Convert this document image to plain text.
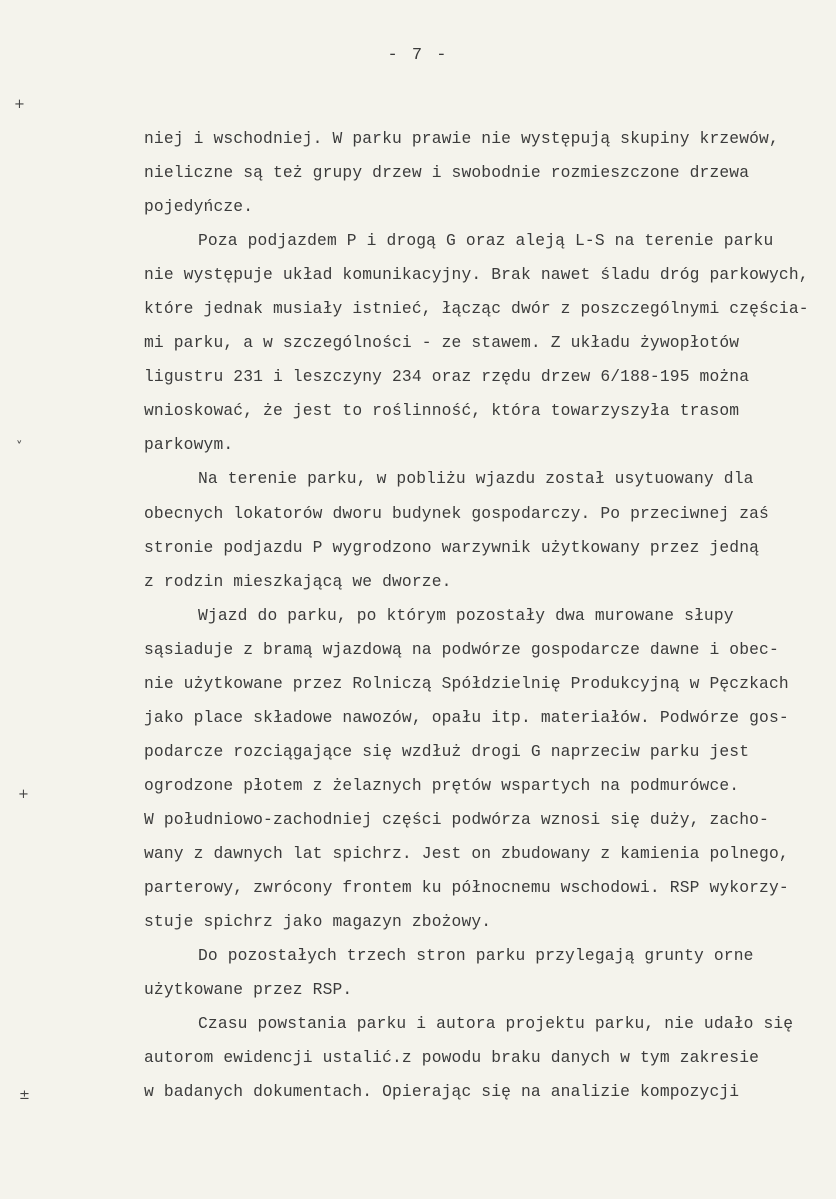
- 7 -
+
˅
+
±
niej i wschodniej. W parku prawie nie występują skupiny krzewów,
nieliczne są też grupy drzew i swobodnie rozmieszczone drzewa
pojedyńcze.
Poza podjazdem P i drogą G oraz aleją L-S na terenie parku
nie występuje układ komunikacyjny. Brak nawet śladu dróg parkowych,
które jednak musiały istnieć, łącząc dwór z poszczególnymi częścia-
mi parku, a w szczególności - ze stawem. Z układu żywopłotów
ligustru 231 i leszczyny 234 oraz rzędu drzew 6/188-195 można
wnioskować, że jest to roślinność, która towarzyszyła trasom
parkowym.
Na terenie parku, w pobliżu wjazdu został usytuowany dla
obecnych lokatorów dworu budynek gospodarczy. Po przeciwnej zaś
stronie podjazdu P wygrodzono warzywnik użytkowany przez jedną
z rodzin mieszkającą we dworze.
Wjazd do parku, po którym pozostały dwa murowane słupy
sąsiaduje z bramą wjazdową na podwórze gospodarcze dawne i obec-
nie użytkowane przez Rolniczą Spółdzielnię Produkcyjną w Pęczkach
jako place składowe nawozów, opału itp. materiałów. Podwórze gos-
podarcze rozciągające się wzdłuż drogi G naprzeciw parku jest
ogrodzone płotem z żelaznych prętów wspartych na podmurówce.
W południowo-zachodniej części podwórza wznosi się duży, zacho-
wany z dawnych lat spichrz. Jest on zbudowany z kamienia polnego,
parterowy, zwrócony frontem ku północnemu wschodowi. RSP wykorzy-
stuje spichrz jako magazyn zbożowy.
Do pozostałych trzech stron parku przylegają grunty orne
użytkowane przez RSP.
Czasu powstania parku i autora projektu parku, nie udało się
autorom ewidencji ustalić.z powodu braku danych w tym zakresie
w badanych dokumentach. Opierając się na analizie kompozycji
